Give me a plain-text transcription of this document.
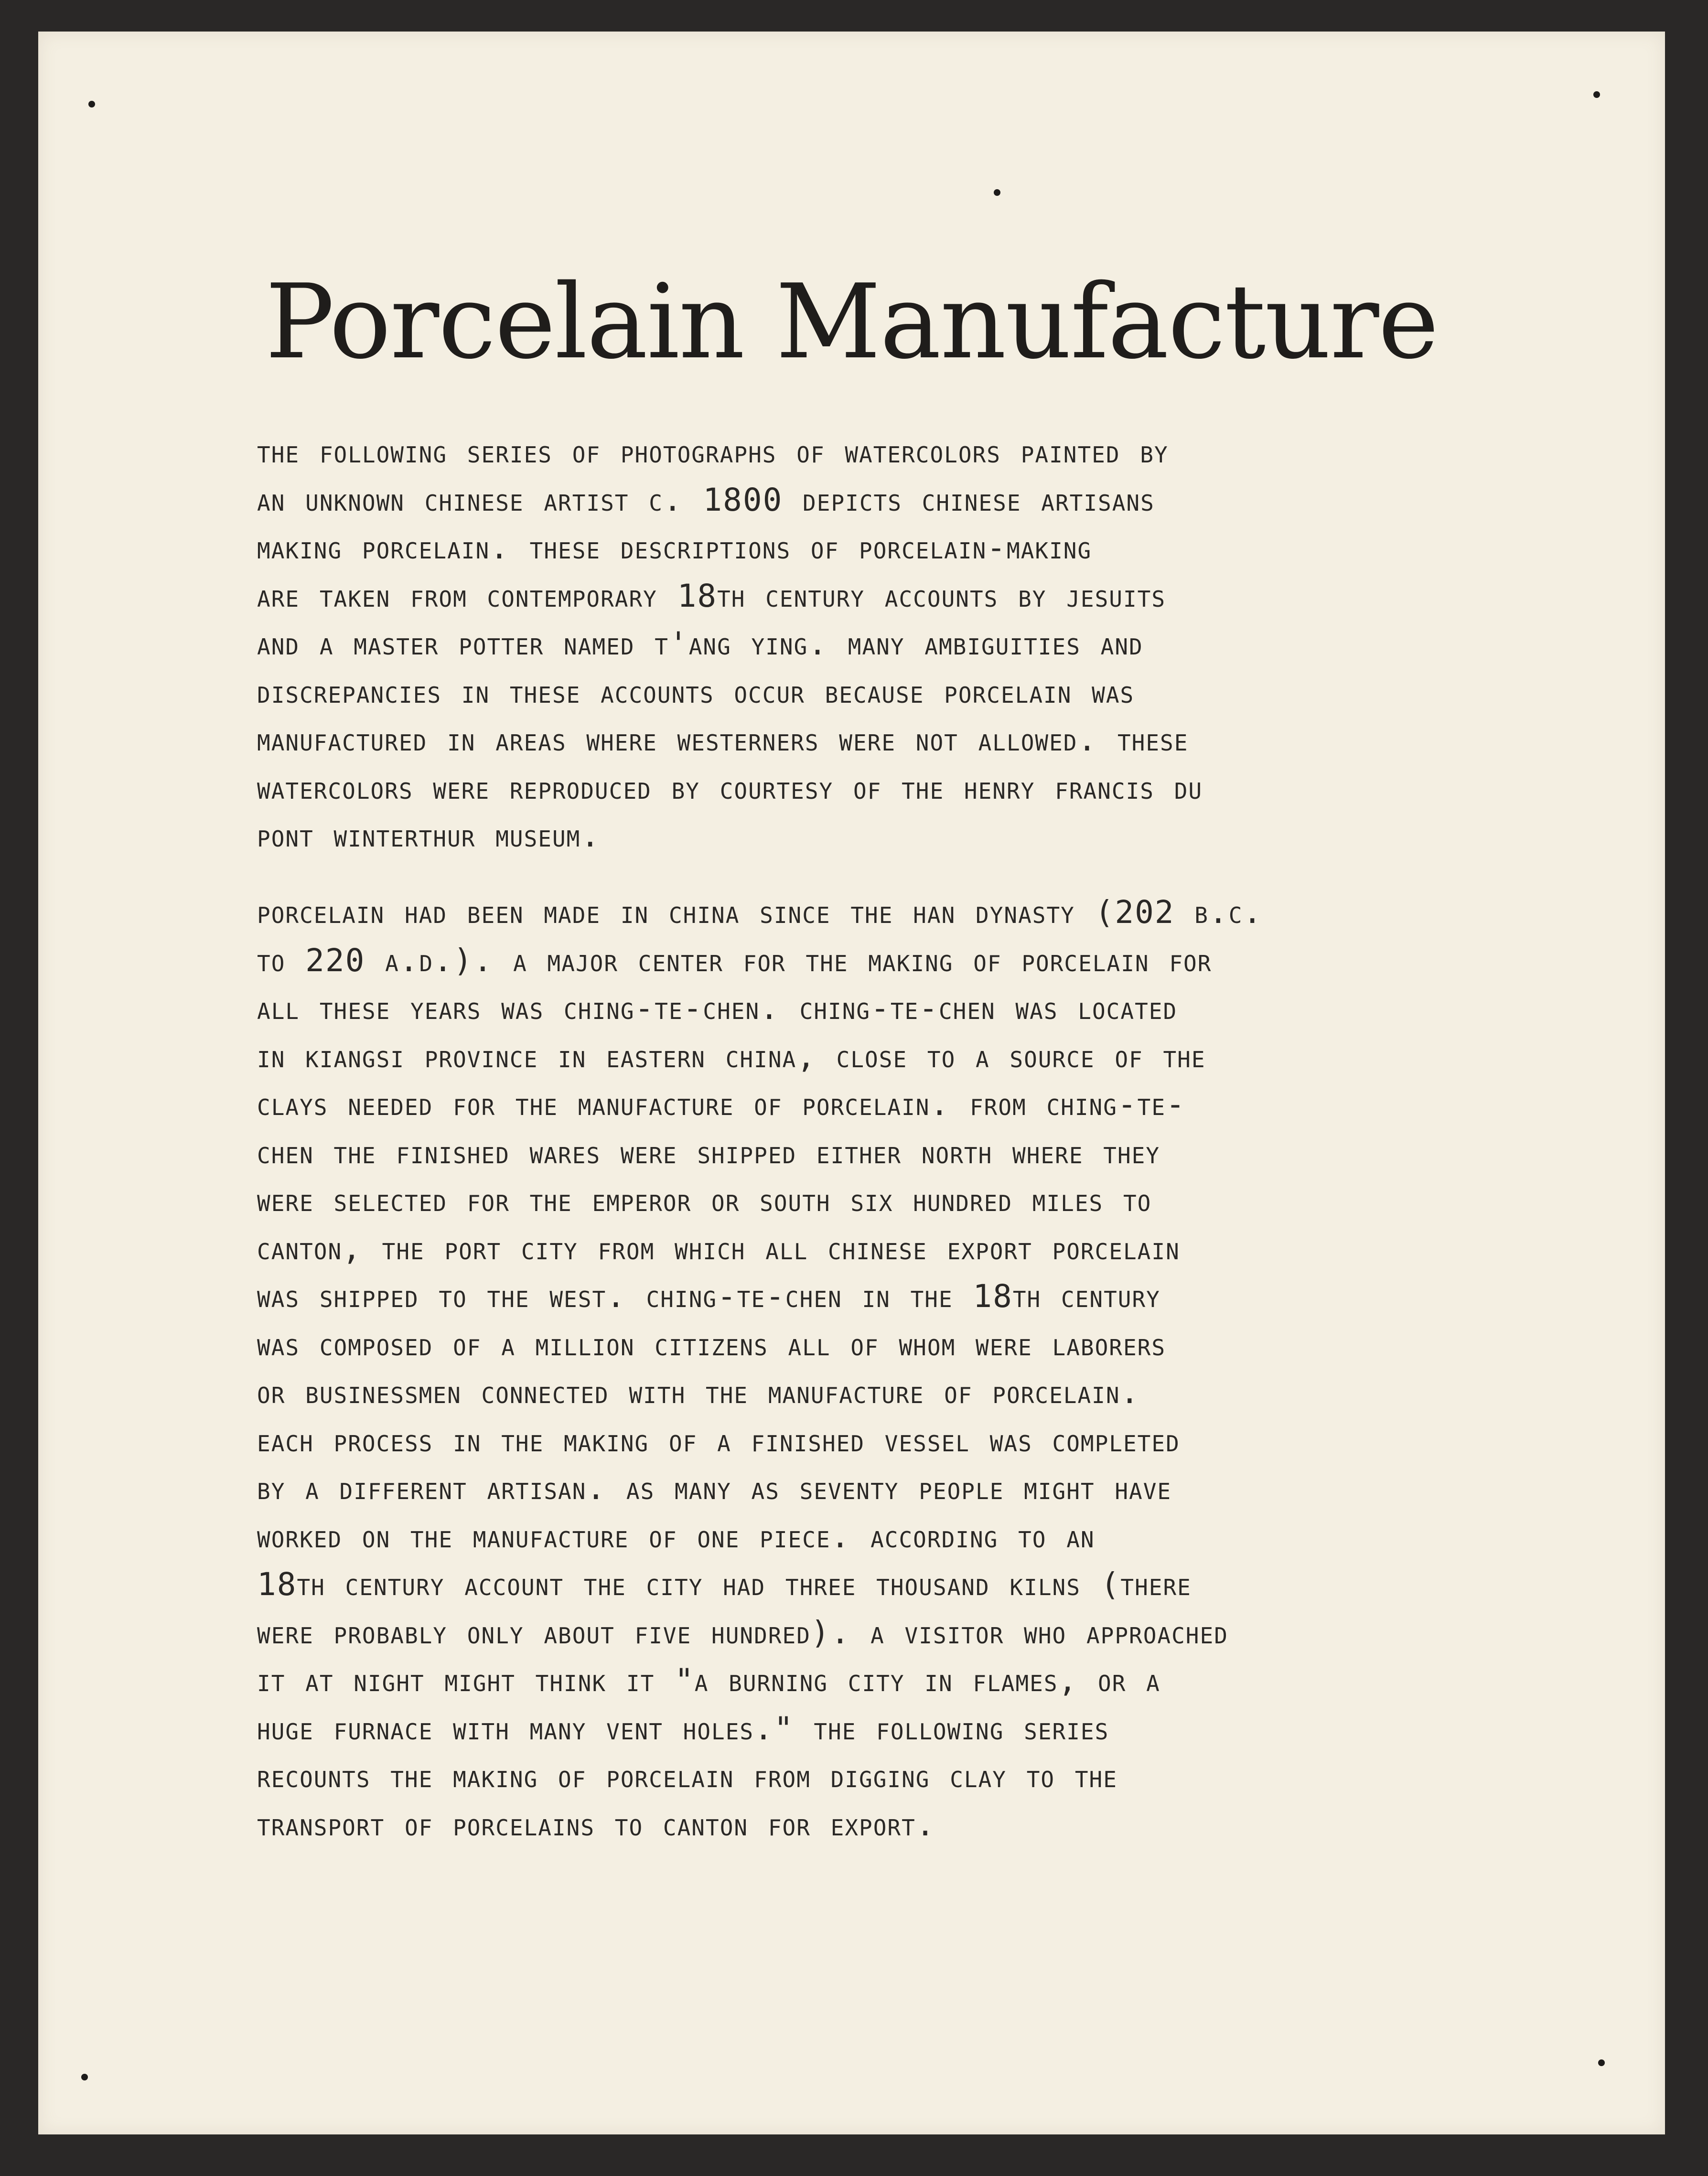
Porcelain Manufacture

the following series of photographs of watercolors painted by
an unknown chinese artist c. 1800 depicts chinese artisans
making porcelain. these descriptions of porcelain-making
are taken from contemporary 18th century accounts by jesuits
and a master potter named t'ang ying. many ambiguities and
discrepancies in these accounts occur because porcelain was
manufactured in areas where westerners were not allowed. these
watercolors were reproduced by courtesy of the henry francis du
pont winterthur museum.

porcelain had been made in china since the han dynasty (202 b.c.
to 220 a.d.). a major center for the making of porcelain for
all these years was ching-te-chen. ching-te-chen was located
in kiangsi province in eastern china, close to a source of the
clays needed for the manufacture of porcelain. from ching-te-
chen the finished wares were shipped either north where they
were selected for the emperor or south six hundred miles to
canton, the port city from which all chinese export porcelain
was shipped to the west. ching-te-chen in the 18th century
was composed of a million citizens all of whom were laborers
or businessmen connected with the manufacture of porcelain.
each process in the making of a finished vessel was completed
by a different artisan. as many as seventy people might have
worked on the manufacture of one piece. according to an
18th century account the city had three thousand kilns (there
were probably only about five hundred). a visitor who approached
it at night might think it "a burning city in flames, or a
huge furnace with many vent holes." the following series
recounts the making of porcelain from digging clay to the
transport of porcelains to canton for export.
